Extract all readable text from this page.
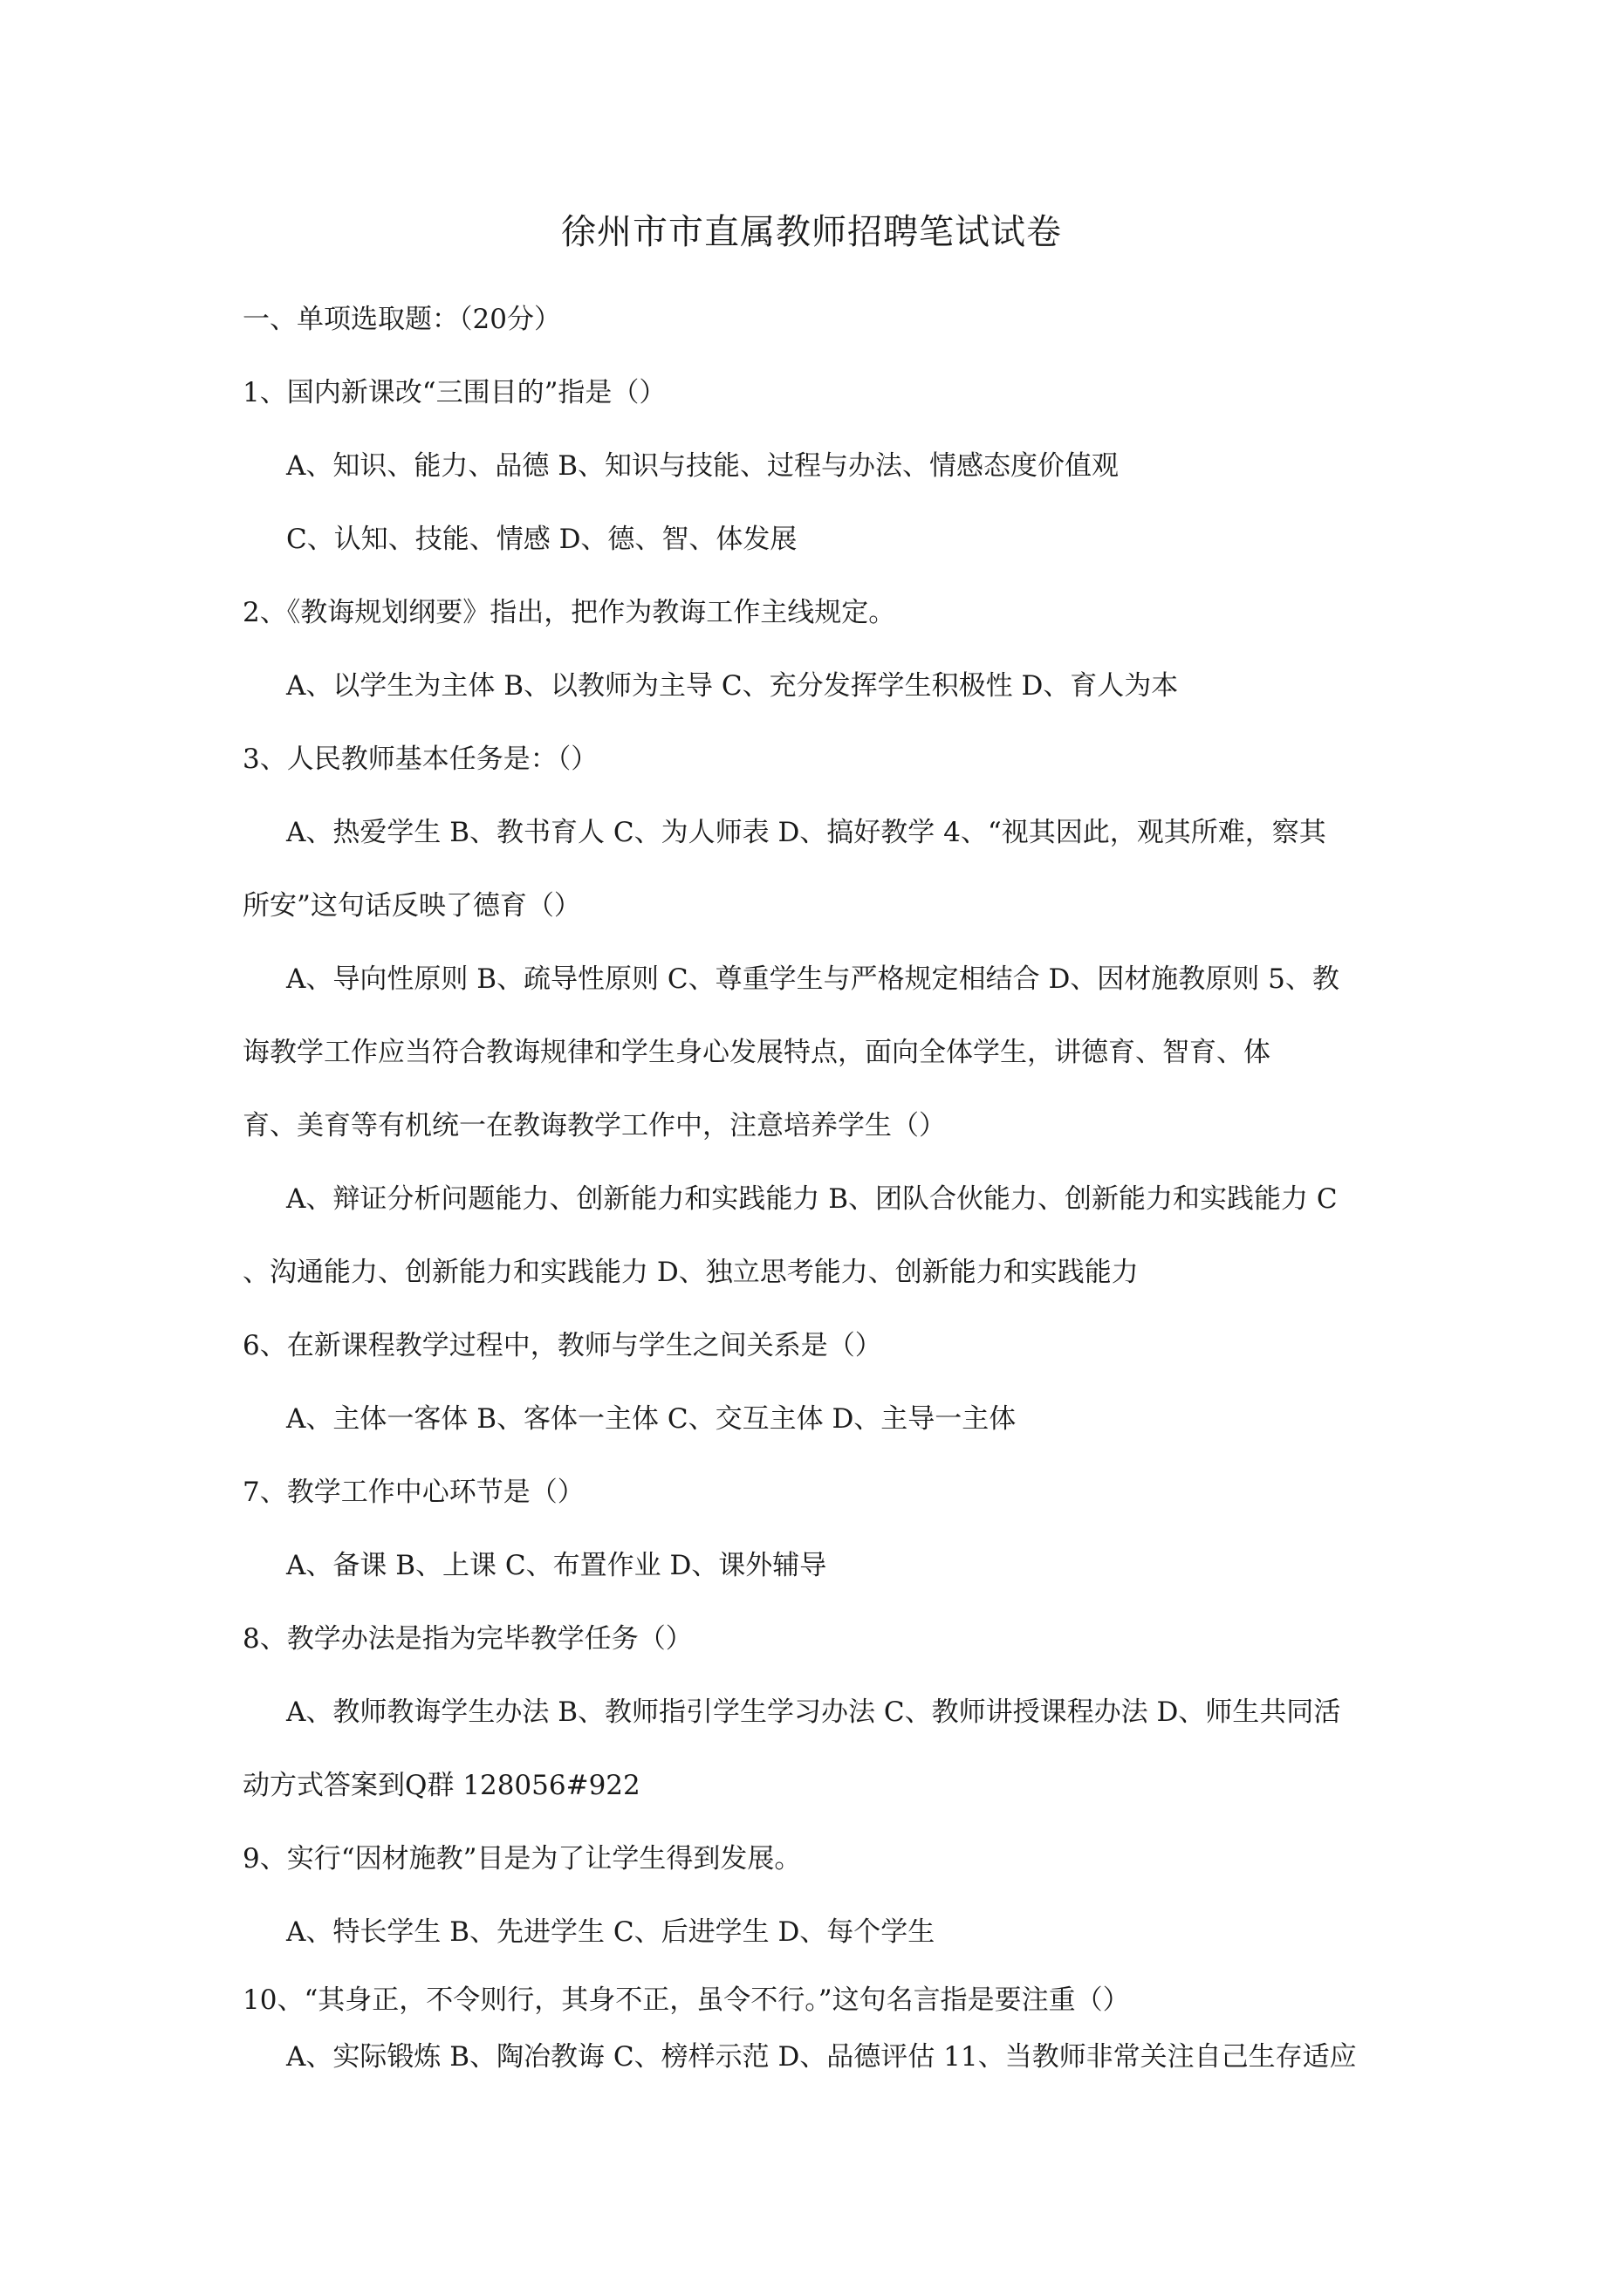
徐州市市直属教师招聘笔试试卷
一、单项选取题：（20分）
1、国内新课改“三围目的”指是（）
A、知识、能力、品德 B、知识与技能、过程与办法、情感态度价值观
C、认知、技能、情感 D、德、智、体发展
2、《教诲规划纲要》指出，把作为教诲工作主线规定。
A、以学生为主体 B、以教师为主导 C、充分发挥学生积极性 D、育人为本
3、人民教师基本任务是：（）
A、热爱学生 B、教书育人 C、为人师表 D、搞好教学 4、“视其因此，观其所难，察其
所安”这句话反映了德育（）
A、导向性原则 B、疏导性原则 C、尊重学生与严格规定相结合 D、因材施教原则 5、教
诲教学工作应当符合教诲规律和学生身心发展特点，面向全体学生，讲德育、智育、体
育、美育等有机统一在教诲教学工作中，注意培养学生（）
A、辩证分析问题能力、创新能力和实践能力 B、团队合伙能力、创新能力和实践能力 C
、沟通能力、创新能力和实践能力 D、独立思考能力、创新能力和实践能力
6、在新课程教学过程中，教师与学生之间关系是（）
A、主体一客体 B、客体一主体 C、交互主体 D、主导一主体
7、教学工作中心环节是（）
A、备课 B、上课 C、布置作业 D、课外辅导
8、教学办法是指为完毕教学任务（）
A、教师教诲学生办法 B、教师指引学生学习办法 C、教师讲授课程办法 D、师生共同活
动方式答案到Q群 128056#922
9、实行“因材施教”目是为了让学生得到发展。
A、特长学生 B、先进学生 C、后进学生 D、每个学生
10、“其身正，不令则行，其身不正，虽令不行。”这句名言指是要注重（）
A、实际锻炼 B、陶冶教诲 C、榜样示范 D、品德评估 11、当教师非常关注自己生存适应
